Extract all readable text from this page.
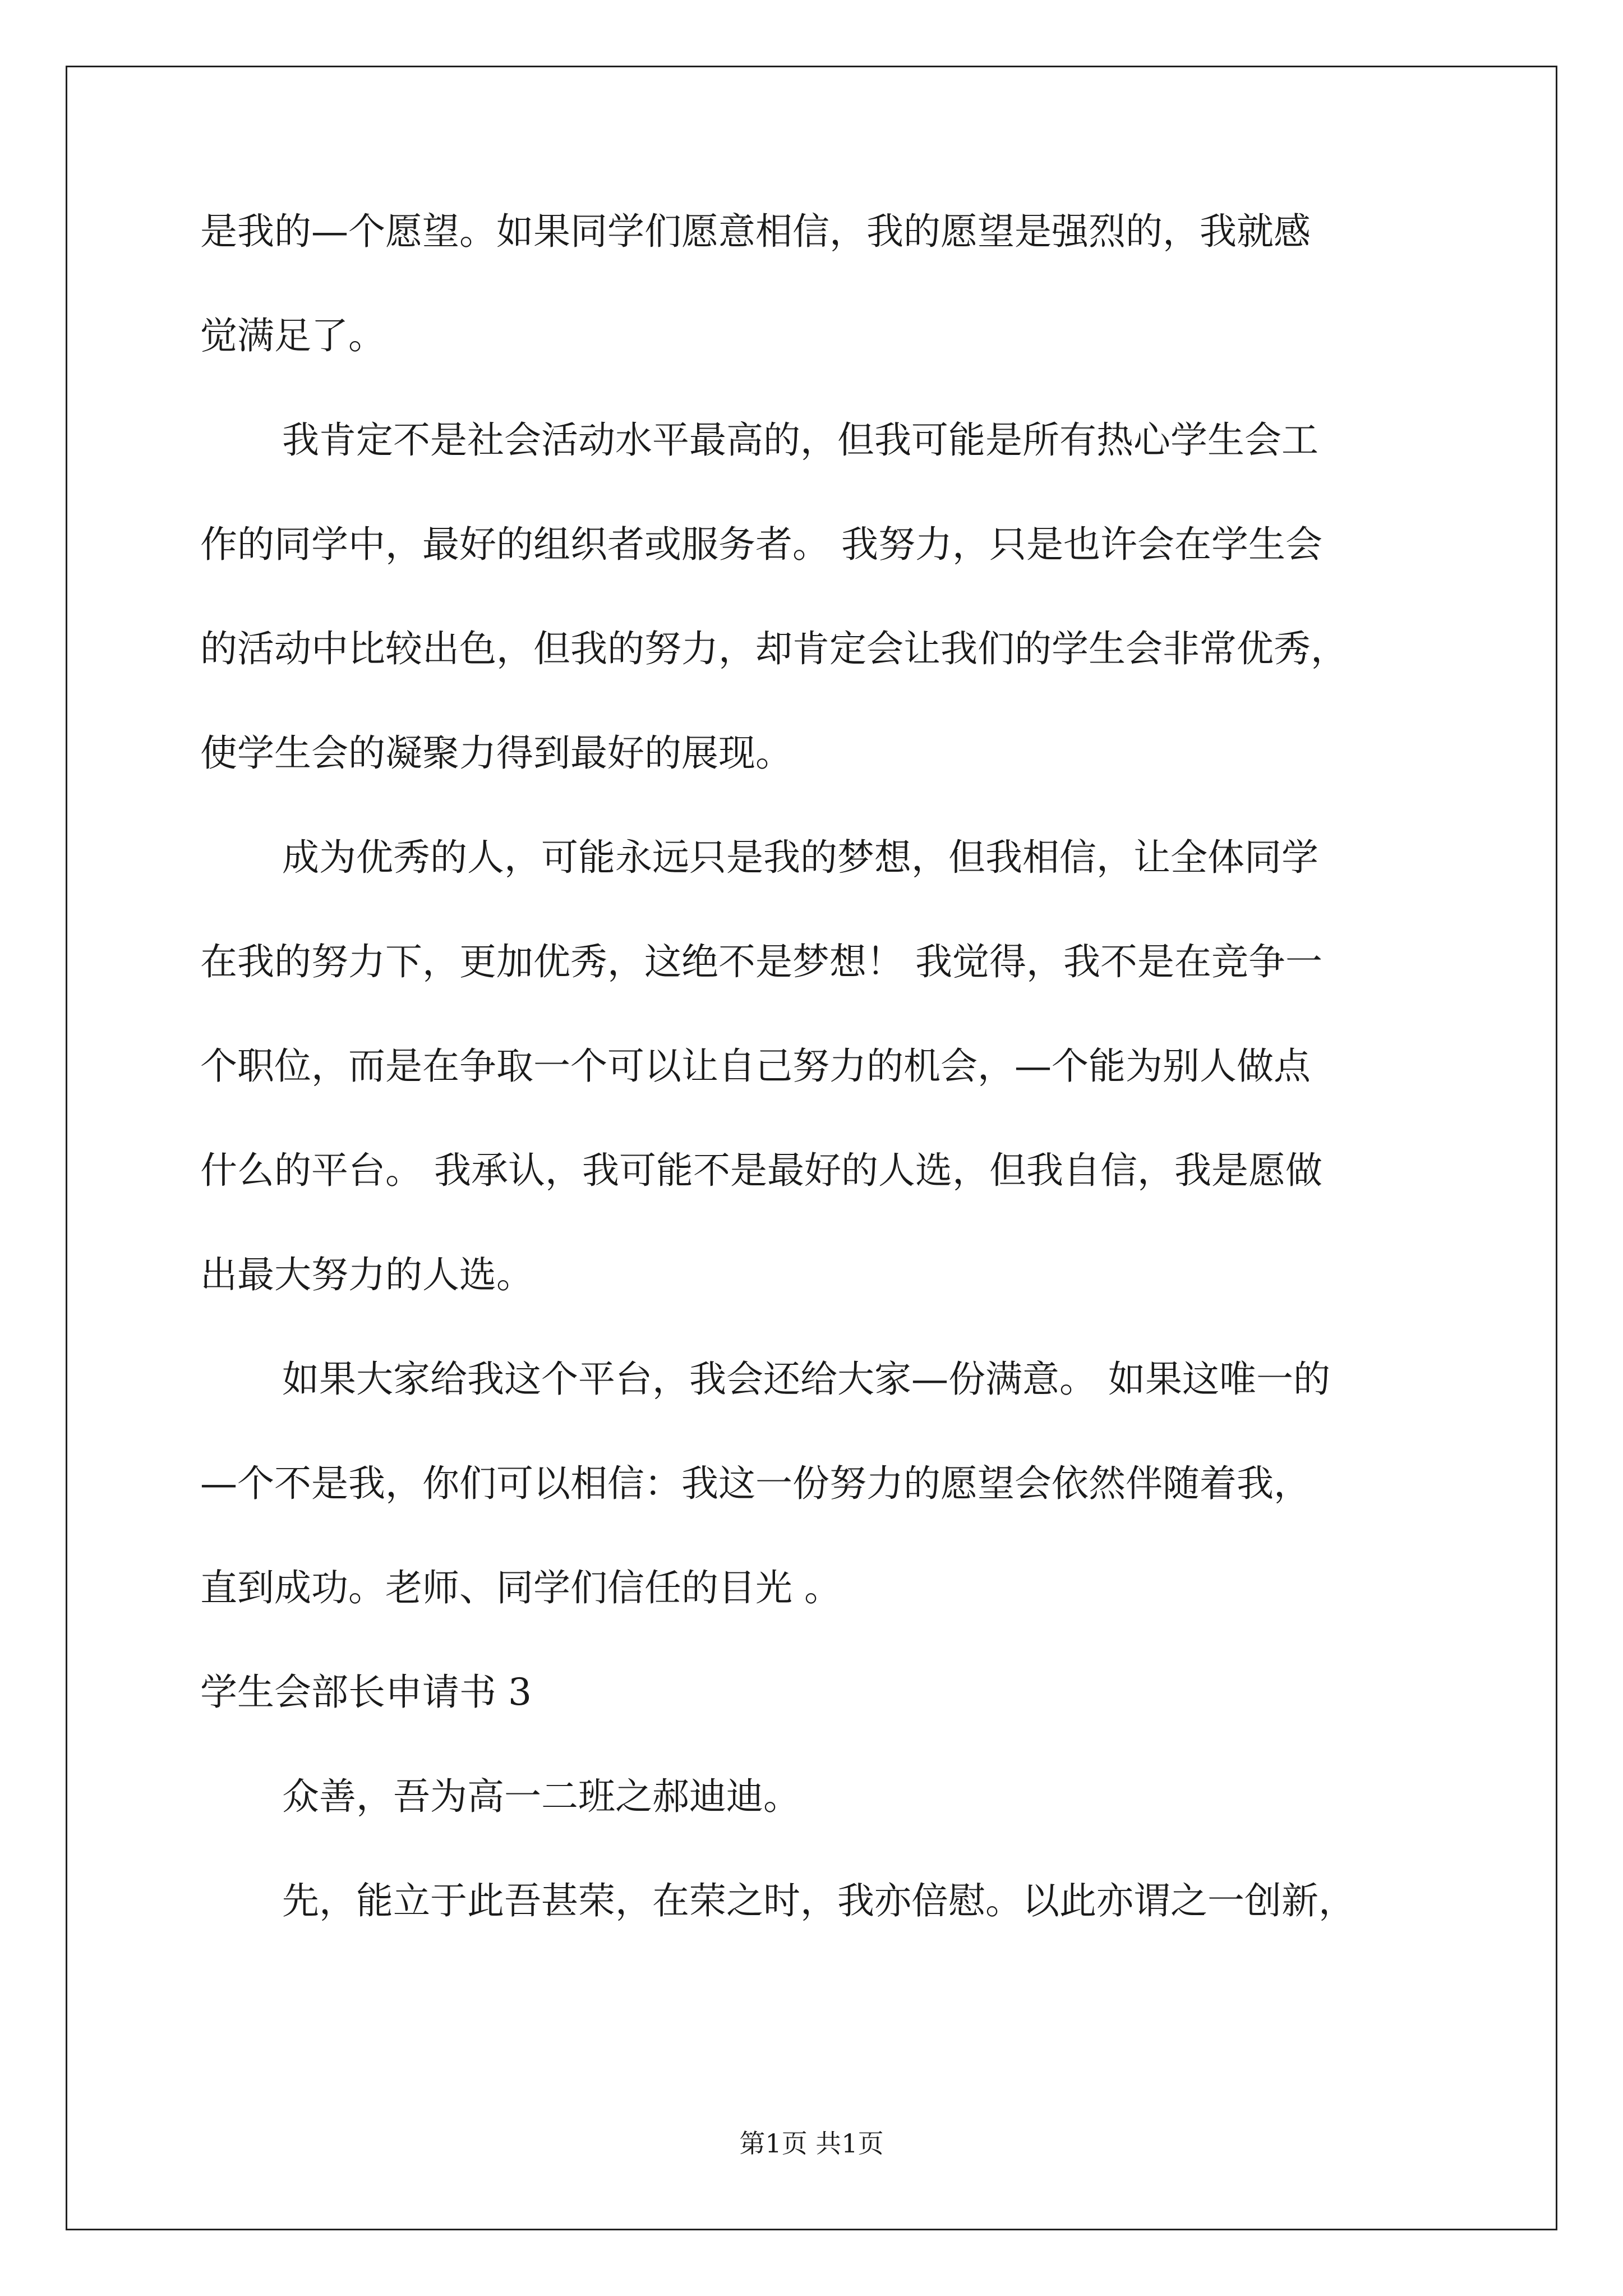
是我的—个愿望。如果同学们愿意相信，我的愿望是强烈的，我就感

觉满足了。

我肯定不是社会活动水平最高的，但我可能是所有热心学生会工

作的同学中，最好的组织者或服务者。 我努力，只是也许会在学生会

的活动中比较出色，但我的努力，却肯定会让我们的学生会非常优秀，

使学生会的凝聚力得到最好的展现。

成为优秀的人，可能永远只是我的梦想，但我相信，让全体同学

在我的努力下，更加优秀，这绝不是梦想！ 我觉得，我不是在竞争一

个职位，而是在争取一个可以让自己努力的机会，—个能为别人做点

什么的平台。 我承认，我可能不是最好的人选，但我自信，我是愿做

出最大努力的人选。

如果大家给我这个平台，我会还给大家—份满意。 如果这唯一的

—个不是我，你们可以相信：我这一份努力的愿望会依然伴随着我，

直到成功。老师、同学们信任的目光 。

学生会部长申请书 3

众善，吾为高一二班之郝迪迪。

先，能立于此吾甚荣，在荣之时，我亦倍慰。以此亦谓之一创新，

第1页 共1页
